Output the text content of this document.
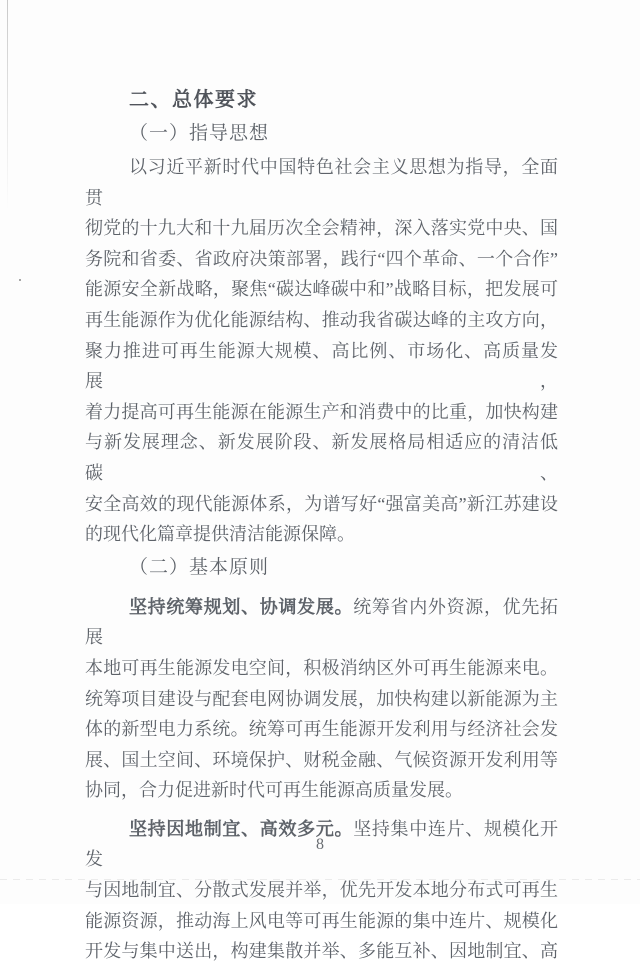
二、总体要求
（一）指导思想

以习近平新时代中国特色社会主义思想为指导，全面贯

彻党的十九大和十九届历次全会精神，深入落实党中央、国

务院和省委、省政府决策部署，践行“四个革命、一个合作”

能源安全新战略，聚焦“碳达峰碳中和”战略目标，把发展可

再生能源作为优化能源结构、推动我省碳达峰的主攻方向，

聚力推进可再生能源大规模、高比例、市场化、高质量发展，

着力提高可再生能源在能源生产和消费中的比重，加快构建

与新发展理念、新发展阶段、新发展格局相适应的清洁低碳、

安全高效的现代能源体系，为谱写好“强富美高”新江苏建设

的现代化篇章提供清洁能源保障。

（二）基本原则

坚持统筹规划、协调发展。统筹省内外资源，优先拓展

本地可再生能源发电空间，积极消纳区外可再生能源来电。

统筹项目建设与配套电网协调发展，加快构建以新能源为主

体的新型电力系统。统筹可再生能源开发利用与经济社会发

展、国土空间、环境保护、财税金融、气候资源开发利用等

协同，合力促进新时代可再生能源高质量发展。

坚持因地制宜、高效多元。坚持集中连片、规模化开发

与因地制宜、分散式发展并举，优先开发本地分布式可再生

能源资源，推动海上风电等可再生能源的集中连片、规模化

开发与集中送出，构建集散并举、多能互补、因地制宜、高

8
